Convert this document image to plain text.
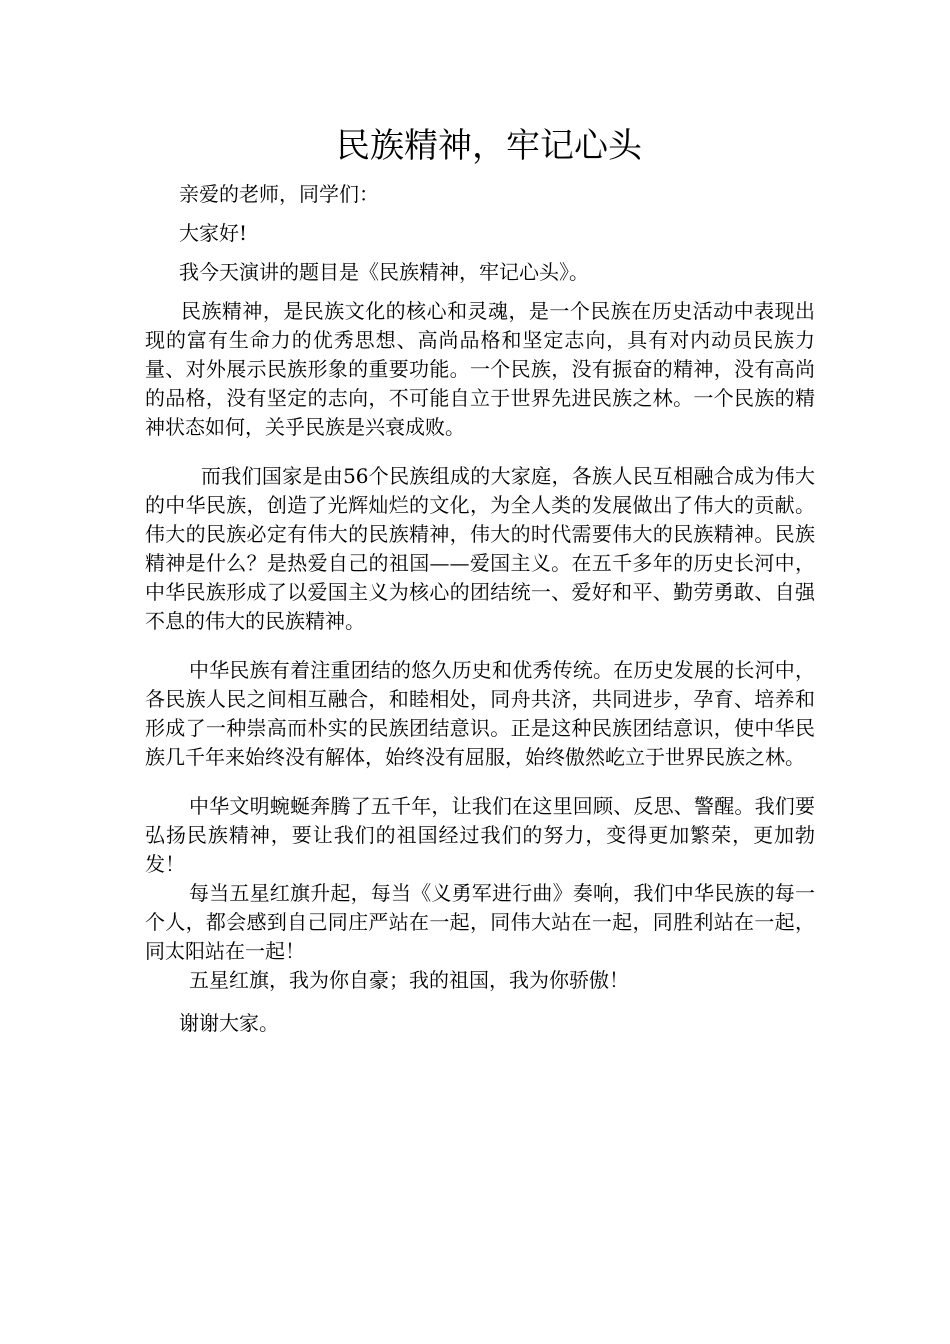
民族精神，牢记心头

亲爱的老师，同学们：

大家好!

我今天演讲的题目是《民族精神，牢记心头》。

民族精神，是民族文化的核心和灵魂，是一个民族在历史活动中表现出现的富有生命力的优秀思想、高尚品格和坚定志向，具有对内动员民族力量、对外展示民族形象的重要功能。一个民族，没有振奋的精神，没有高尚的品格，没有坚定的志向，不可能自立于世界先进民族之林。一个民族的精神状态如何，关乎民族是兴衰成败。

而我们国家是由56个民族组成的大家庭，各族人民互相融合成为伟大的中华民族，创造了光辉灿烂的文化，为全人类的发展做出了伟大的贡献。伟大的民族必定有伟大的民族精神，伟大的时代需要伟大的民族精神。民族精神是什么？是热爱自己的祖国——爱国主义。在五千多年的历史长河中，中华民族形成了以爱国主义为核心的团结统一、爱好和平、勤劳勇敢、自强不息的伟大的民族精神。

中华民族有着注重团结的悠久历史和优秀传统。在历史发展的长河中，各民族人民之间相互融合，和睦相处，同舟共济，共同进步，孕育、培养和形成了一种崇高而朴实的民族团结意识。正是这种民族团结意识，使中华民族几千年来始终没有解体，始终没有屈服，始终傲然屹立于世界民族之林。

中华文明蜿蜒奔腾了五千年，让我们在这里回顾、反思、警醒。我们要弘扬民族精神，要让我们的祖国经过我们的努力，变得更加繁荣，更加勃发！

每当五星红旗升起，每当《义勇军进行曲》奏响，我们中华民族的每一个人，都会感到自己同庄严站在一起，同伟大站在一起，同胜利站在一起，同太阳站在一起！

五星红旗，我为你自豪；我的祖国，我为你骄傲！

谢谢大家。
